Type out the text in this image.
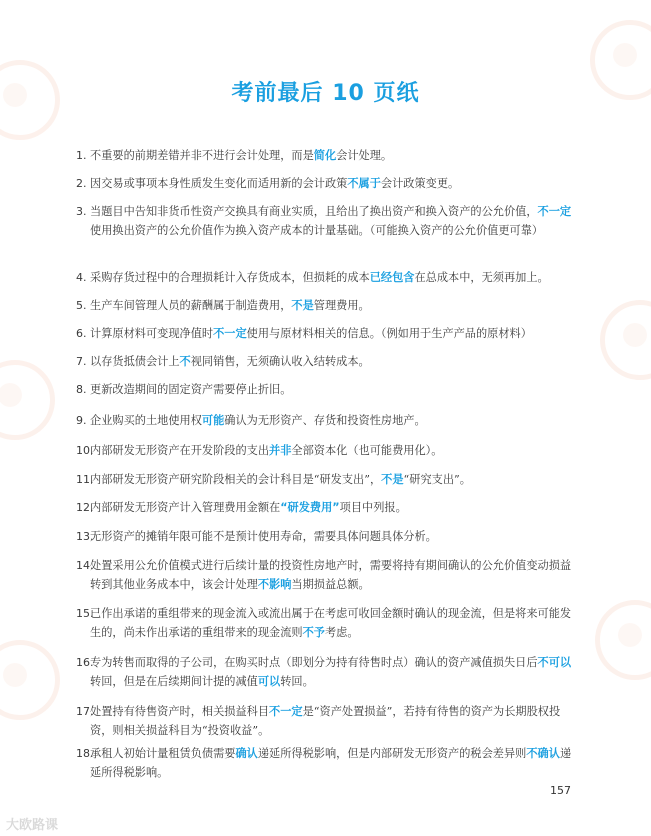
考前最后 10 页纸
1. 不重要的前期差错并非不进行会计处理，而是简化会计处理。
2. 因交易或事项本身性质发生变化而适用新的会计政策不属于会计政策变更。
3. 当题目中告知非货币性资产交换具有商业实质，且给出了换出资产和换入资产的公允价值，不一定使用换出资产的公允价值作为换入资产成本的计量基础。（可能换入资产的公允价值更可靠）
4. 采购存货过程中的合理损耗计入存货成本，但损耗的成本已经包含在总成本中，无须再加上。
5. 生产车间管理人员的薪酬属于制造费用，不是管理费用。
6. 计算原材料可变现净值时不一定使用与原材料相关的信息。（例如用于生产产品的原材料）
7. 以存货抵债会计上不视同销售，无须确认收入结转成本。
8. 更新改造期间的固定资产需要停止折旧。
9. 企业购买的土地使用权可能确认为无形资产、存货和投资性房地产。
10.
内部研发无形资产在开发阶段的支出并非全部资本化（也可能费用化）。
11.
内部研发无形资产研究阶段相关的会计科目是“研发支出”，不是“研究支出”。
12.
内部研发无形资产计入管理费用金额在“研发费用”项目中列报。
13.
无形资产的摊销年限可能不是预计使用寿命，需要具体问题具体分析。
14.
处置采用公允价值模式进行后续计量的投资性房地产时，需要将持有期间确认的公允价值变动损益转到其他业务成本中，该会计处理不影响当期损益总额。
15.
已作出承诺的重组带来的现金流入或流出属于在考虑可收回金额时确认的现金流，但是将来可能发生的，尚未作出承诺的重组带来的现金流则不予考虑。
16.
专为转售而取得的子公司，在购买时点（即划分为持有待售时点）确认的资产减值损失日后不可以转回，但是在后续期间计提的减值可以转回。
17.
处置持有待售资产时，相关损益科目不一定是“资产处置损益”，若持有待售的资产为长期股权投资，则相关损益科目为“投资收益”。
18.
承租人初始计量租赁负债需要确认递延所得税影响，但是内部研发无形资产的税会差异则不确认递延所得税影响。
157
大欧路课
